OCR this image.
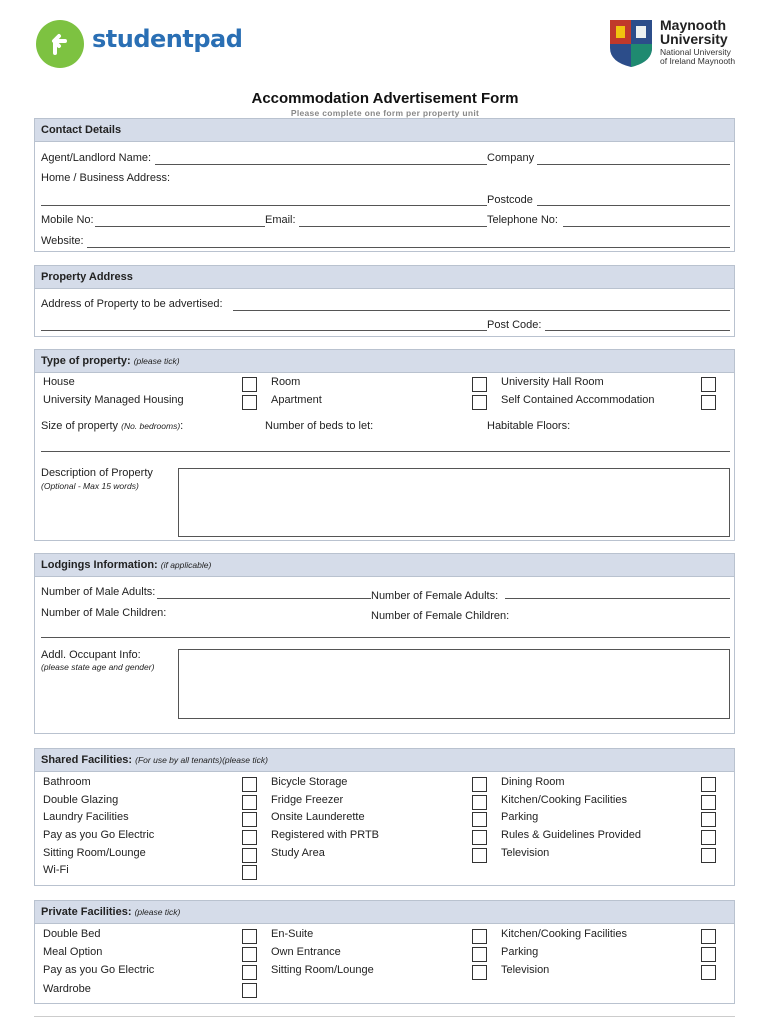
studentpad	Maynooth
University
National University
of Ireland Maynooth
Accommodation Advertisement Form
Please complete one form per property unit
Contact Details
Agent/Landlord Name:	Company
Home / Business Address:
Postcode
Mobile No:	Email:	Telephone No:
Website:
Property Address
Address of Property to be advertised:
Post Code:
Type of property: (please tick)
House
University Managed Housing
Room
Apartment
University Hall Room
Self Contained Accommodation
Size of property (No. bedrooms):	Number of beds to let:	Habitable Floors:
Description of Property
(Optional - Max 15 words)
Lodgings Information: (if applicable)
Number of Male Adults:	Number of Female Adults:
Number of Male Children:	Number of Female Children:
Addl. Occupant Info:
(please state age and gender)
Shared Facilities: (For use by all tenants)(please tick)
Bathroom
Double Glazing
Laundry Facilities
Pay as you Go Electric
Sitting Room/Lounge
Wi-Fi
Bicycle Storage
Fridge Freezer
Onsite Launderette
Registered with PRTB
Study Area
Dining Room
Kitchen/Cooking Facilities
Parking
Rules & Guidelines Provided
Television
Private Facilities: (please tick)
Double Bed
Meal Option
Pay as you Go Electric
Wardrobe
En-Suite
Own Entrance
Sitting Room/Lounge
Kitchen/Cooking Facilities
Parking
Television
